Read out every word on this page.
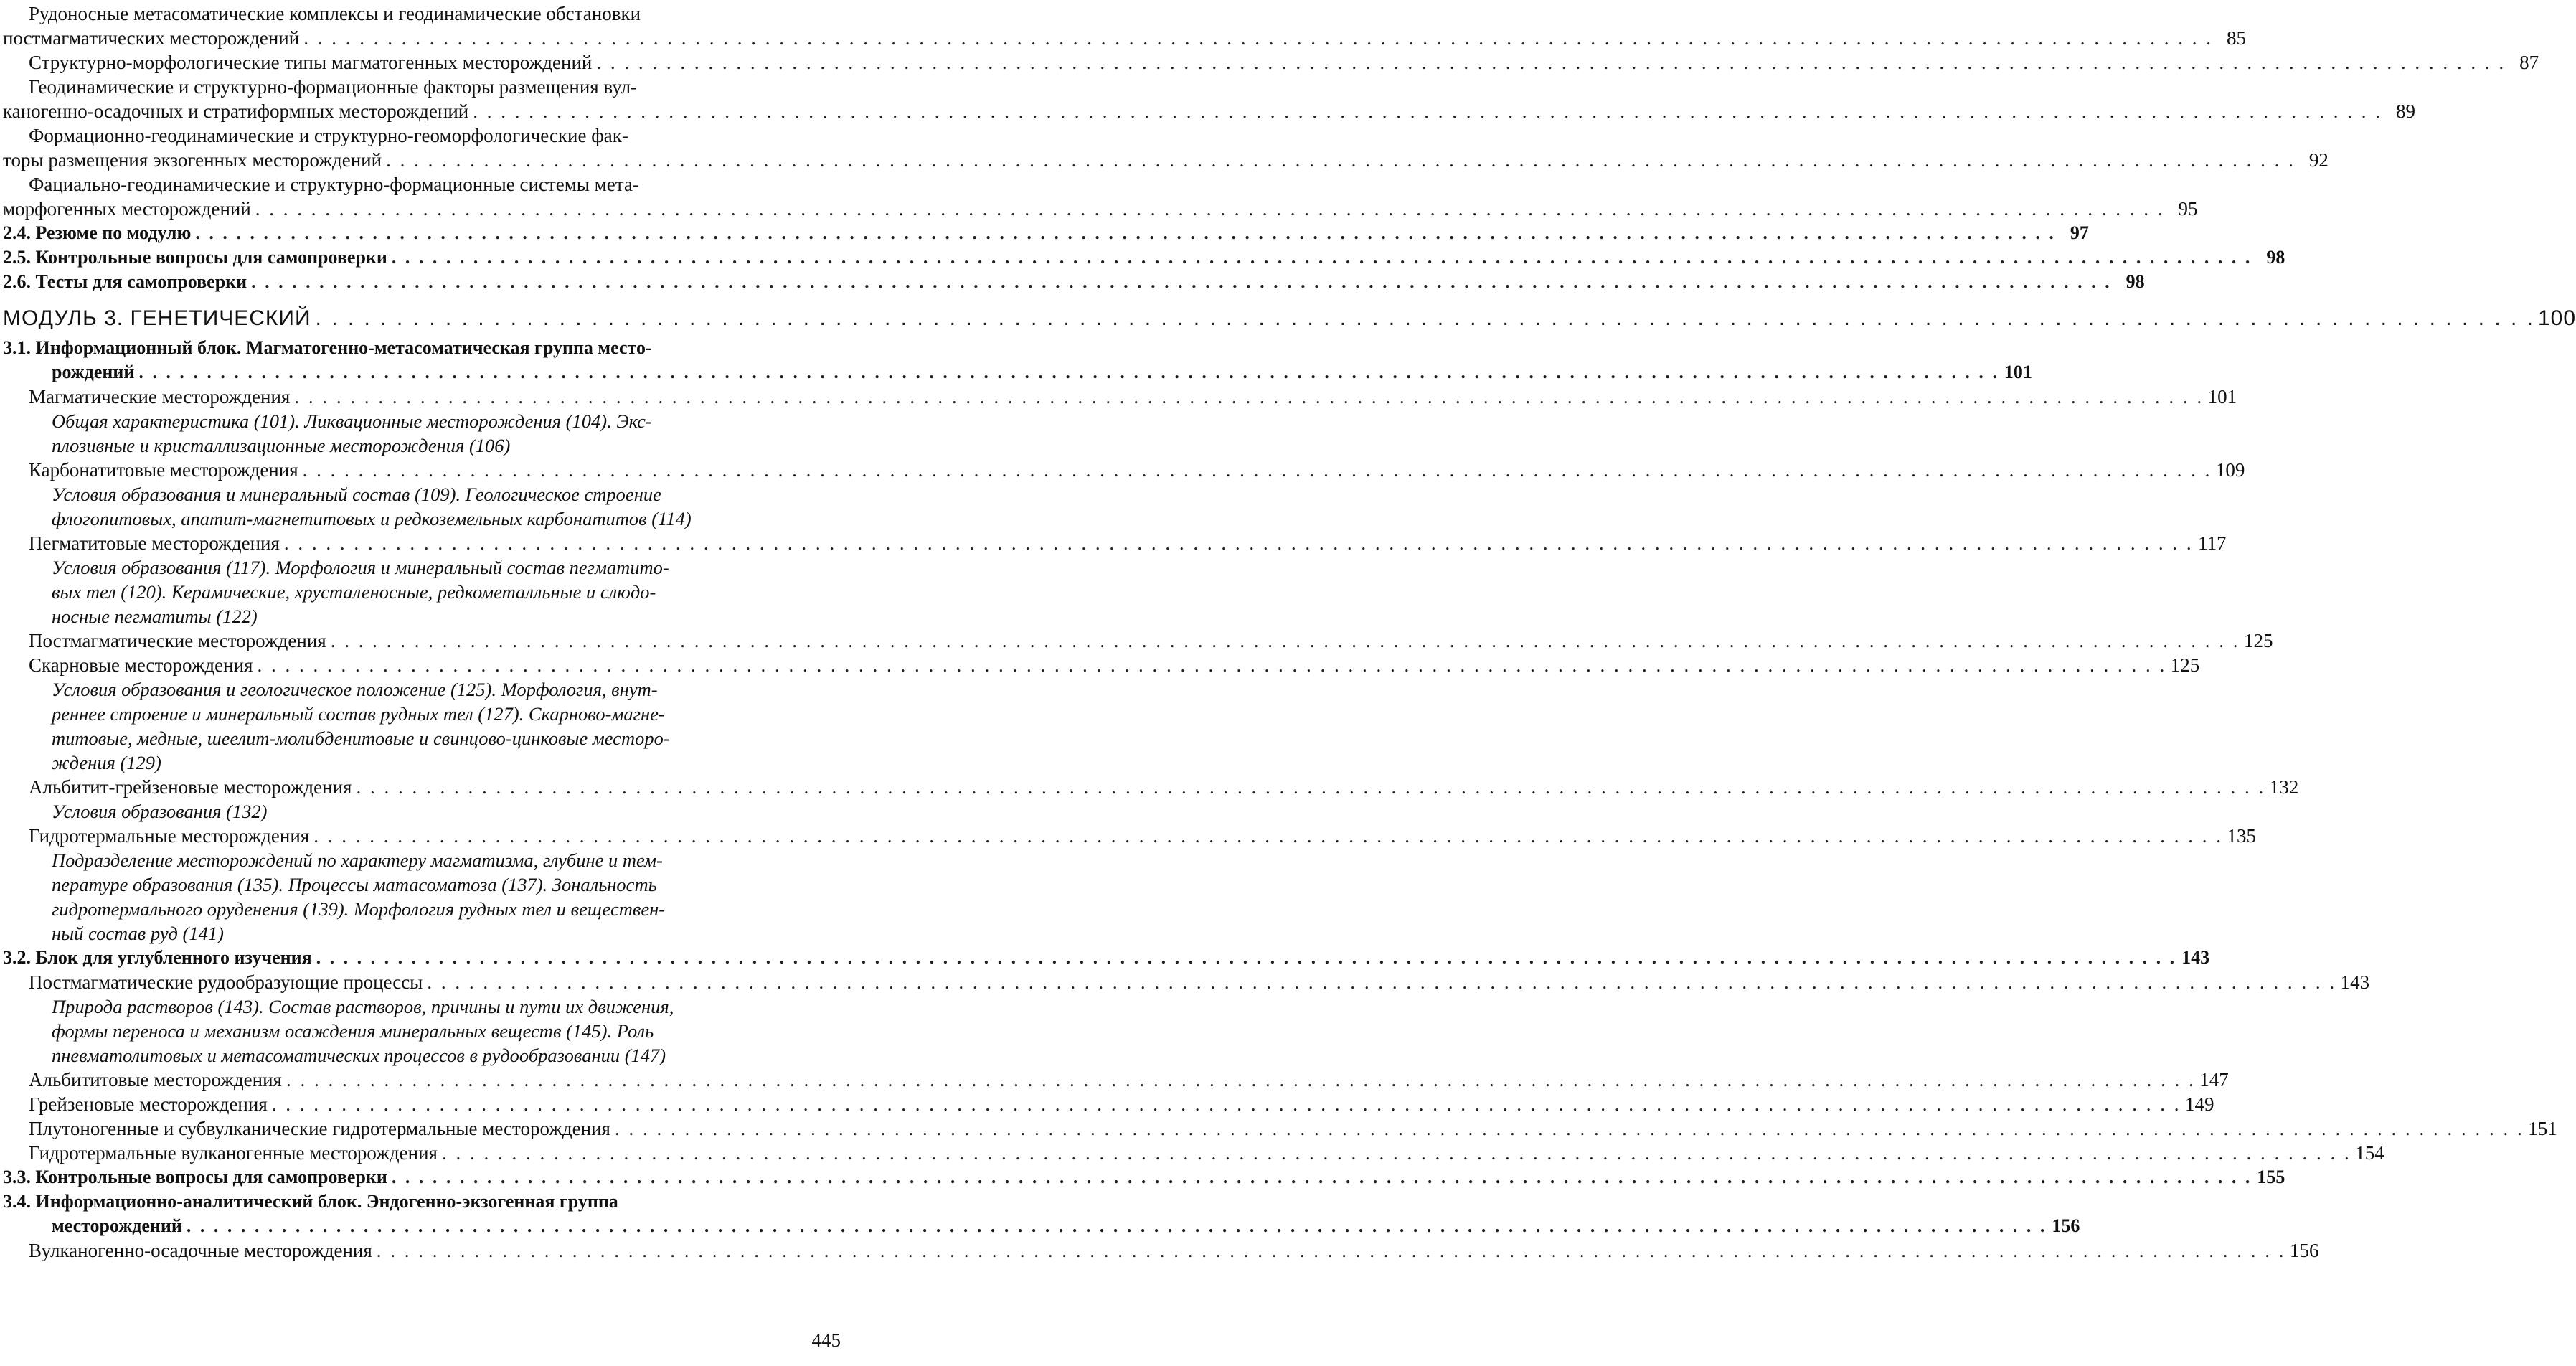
Рудоносные метасоматические комплексы и геодинамические обстановки
постмагматических месторождений . . .	85
Структурно-морфологические типы магматогенных месторождений . . .	87
Геодинамические и структурно-формационные факторы размещения вул-
каногенно-осадочных и стратиформных месторождений . . .	89
Формационно-геодинамические и структурно-геоморфологические фак-
торы размещения экзогенных месторождений . . .	92
Фациально-геодинамические и структурно-формационные системы мета-
морфогенных месторождений . . .	95
2.4. Резюме по модулю . . .	97
2.5. Контрольные вопросы для самопроверки . . .	98
2.6. Тесты для самопроверки . . .	98
МОДУЛЬ 3. ГЕНЕТИЧЕСКИЙ . . .	100
3.1. Информационный блок. Магматогенно-метасоматическая группа место-
рождений . . .	101
Магматические месторождения . . .	101
Общая характеристика (101). Ликвационные месторождения (104). Экс-
плозивные и кристаллизационные месторождения (106)
Карбонатитовые месторождения . . .	109
Условия образования и минеральный состав (109). Геологическое строение
флогопитовых, апатит-магнетитовых и редкоземельных карбонатитов (114)
Пегматитовые месторождения . . .	117
Условия образования (117). Морфология и минеральный состав пегматито-
вых тел (120). Керамические, хрусталеносные, редкометалльные и слюдо-
носные пегматиты (122)
Постмагматические месторождения . . .	125
Скарновые месторождения . . .	125
Условия образования и геологическое положение (125). Морфология, внут-
реннее строение и минеральный состав рудных тел (127). Скарново-магне-
титовые, медные, шеелит-молибденитовые и свинцово-цинковые месторо-
ждения (129)
Альбитит-грейзеновые месторождения . . .	132
Условия образования (132)
Гидротермальные месторождения . . .	135
Подразделение месторождений по характеру магматизма, глубине и тем-
пературе образования (135). Процессы матасоматоза (137). Зональность
гидротермального оруденения (139). Морфология рудных тел и веществен-
ный состав руд (141)
3.2. Блок для углубленного изучения . . .	143
Постмагматические рудообразующие процессы . . .	143
Природа растворов (143). Состав растворов, причины и пути их движения,
формы переноса и механизм осаждения минеральных веществ (145). Роль
пневматолитовых и метасоматических процессов в рудообразовании (147)
Альбититовые месторождения . . .	147
Грейзеновые месторождения . . .	149
Плутоногенные и субвулканические гидротермальные месторождения . . .	151
Гидротермальные вулканогенные месторождения . . .	154
3.3. Контрольные вопросы для самопроверки . . .	155
3.4. Информационно-аналитический блок. Эндогенно-экзогенная группа
месторождений . . .	156
Вулканогенно-осадочные месторождения . . .	156
445
